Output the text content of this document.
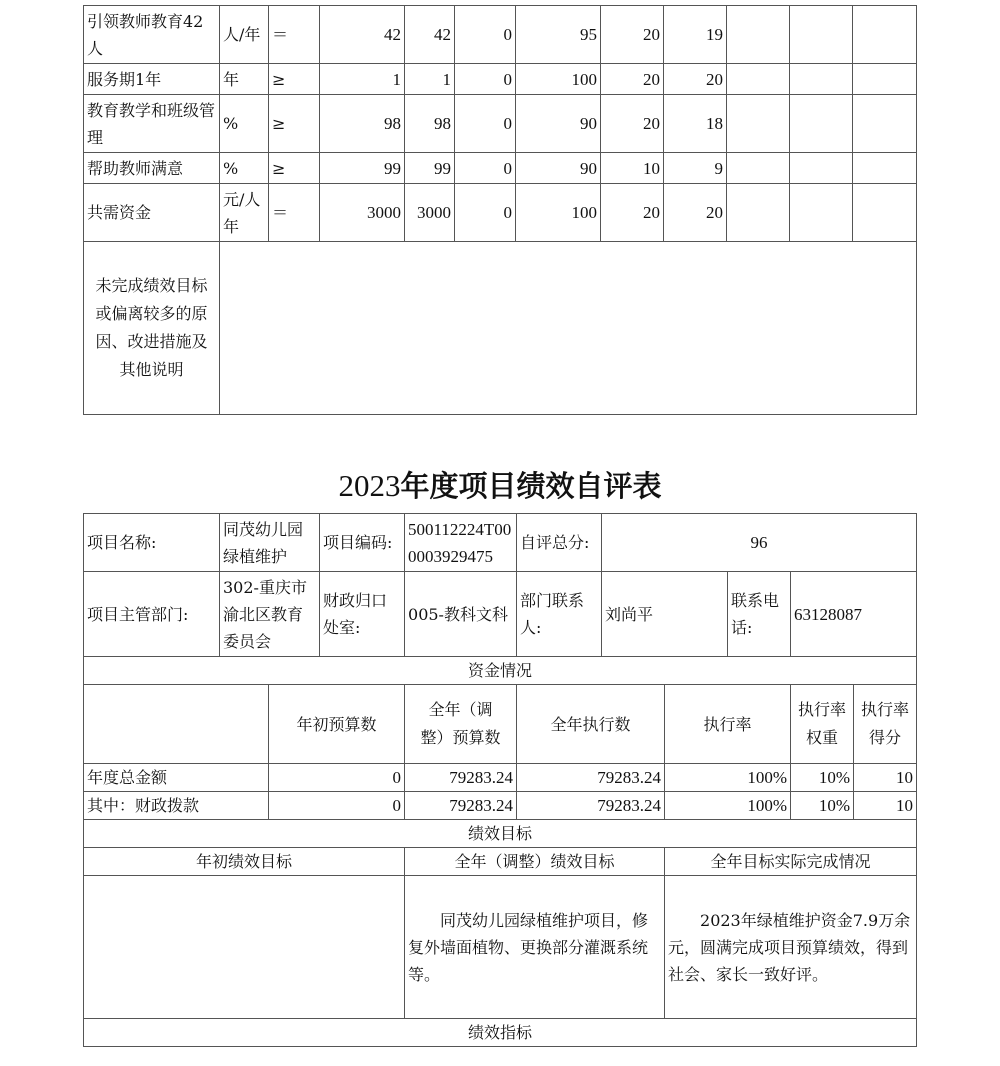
引领教师教育42人	人/年	＝	42	42	0	95	20	19			
服务期1年	年	≥	1	1	0	100	20	20			
教育教学和班级管理	%	≥	98	98	0	90	20	18			
帮助教师满意	%	≥	99	99	0	90	10	9			
共需资金	元/人年	＝	3000	3000	0	100	20	20			
未完成绩效目标或偏离较多的原因、改进措施及其他说明											
2023年度项目绩效自评表
项目名称:	同茂幼儿园绿植维护		项目编码:	500112224T000003929475	自评总分:	96				
项目主管部门:	302-重庆市渝北区教育委员会		财政归口处室:	005-教科文科	部门联系人:	刘尚平		联系电话:	63128087	
资金情况										
		年初预算数		全年（调整）预算数	全年执行数		执行率		执行率权重	执行率得分
年度总金额		0		79283.24	79283.24		100%		10%	10
其中：财政拨款		0		79283.24	79283.24		100%		10%	10
绩效目标										
年初绩效目标				全年（调整）绩效目标			全年目标实际完成情况			
				同茂幼儿园绿植维护项目，修复外墙面植物、更换部分灌溉系统等。			2023年绿植维护资金7.9万余元，圆满完成项目预算绩效，得到社会、家长一致好评。			
绩效指标										
